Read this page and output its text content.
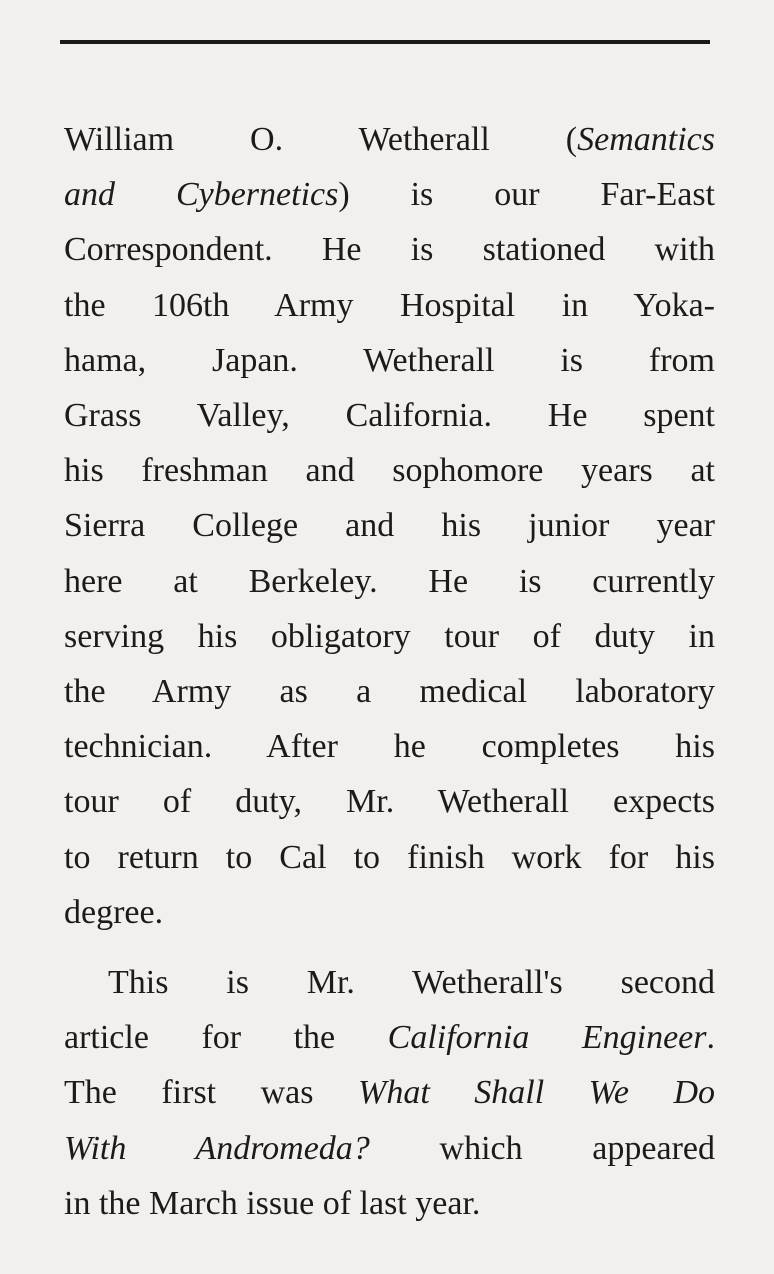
William O. Wetherall (Semantics
and Cybernetics) is our Far-East
Correspondent. He is stationed with
the 106th Army Hospital in Yoka-
hama, Japan. Wetherall is from
Grass Valley, California. He spent
his freshman and sophomore years at
Sierra College and his junior year
here at Berkeley. He is currently
serving his obligatory tour of duty in
the Army as a medical laboratory
technician. After he completes his
tour of duty, Mr. Wetherall expects
to return to Cal to finish work for his
degree.
This is Mr. Wetherall's second
article for the California Engineer.
The first was What Shall We Do
With Andromeda? which appeared
in the March issue of last year.
